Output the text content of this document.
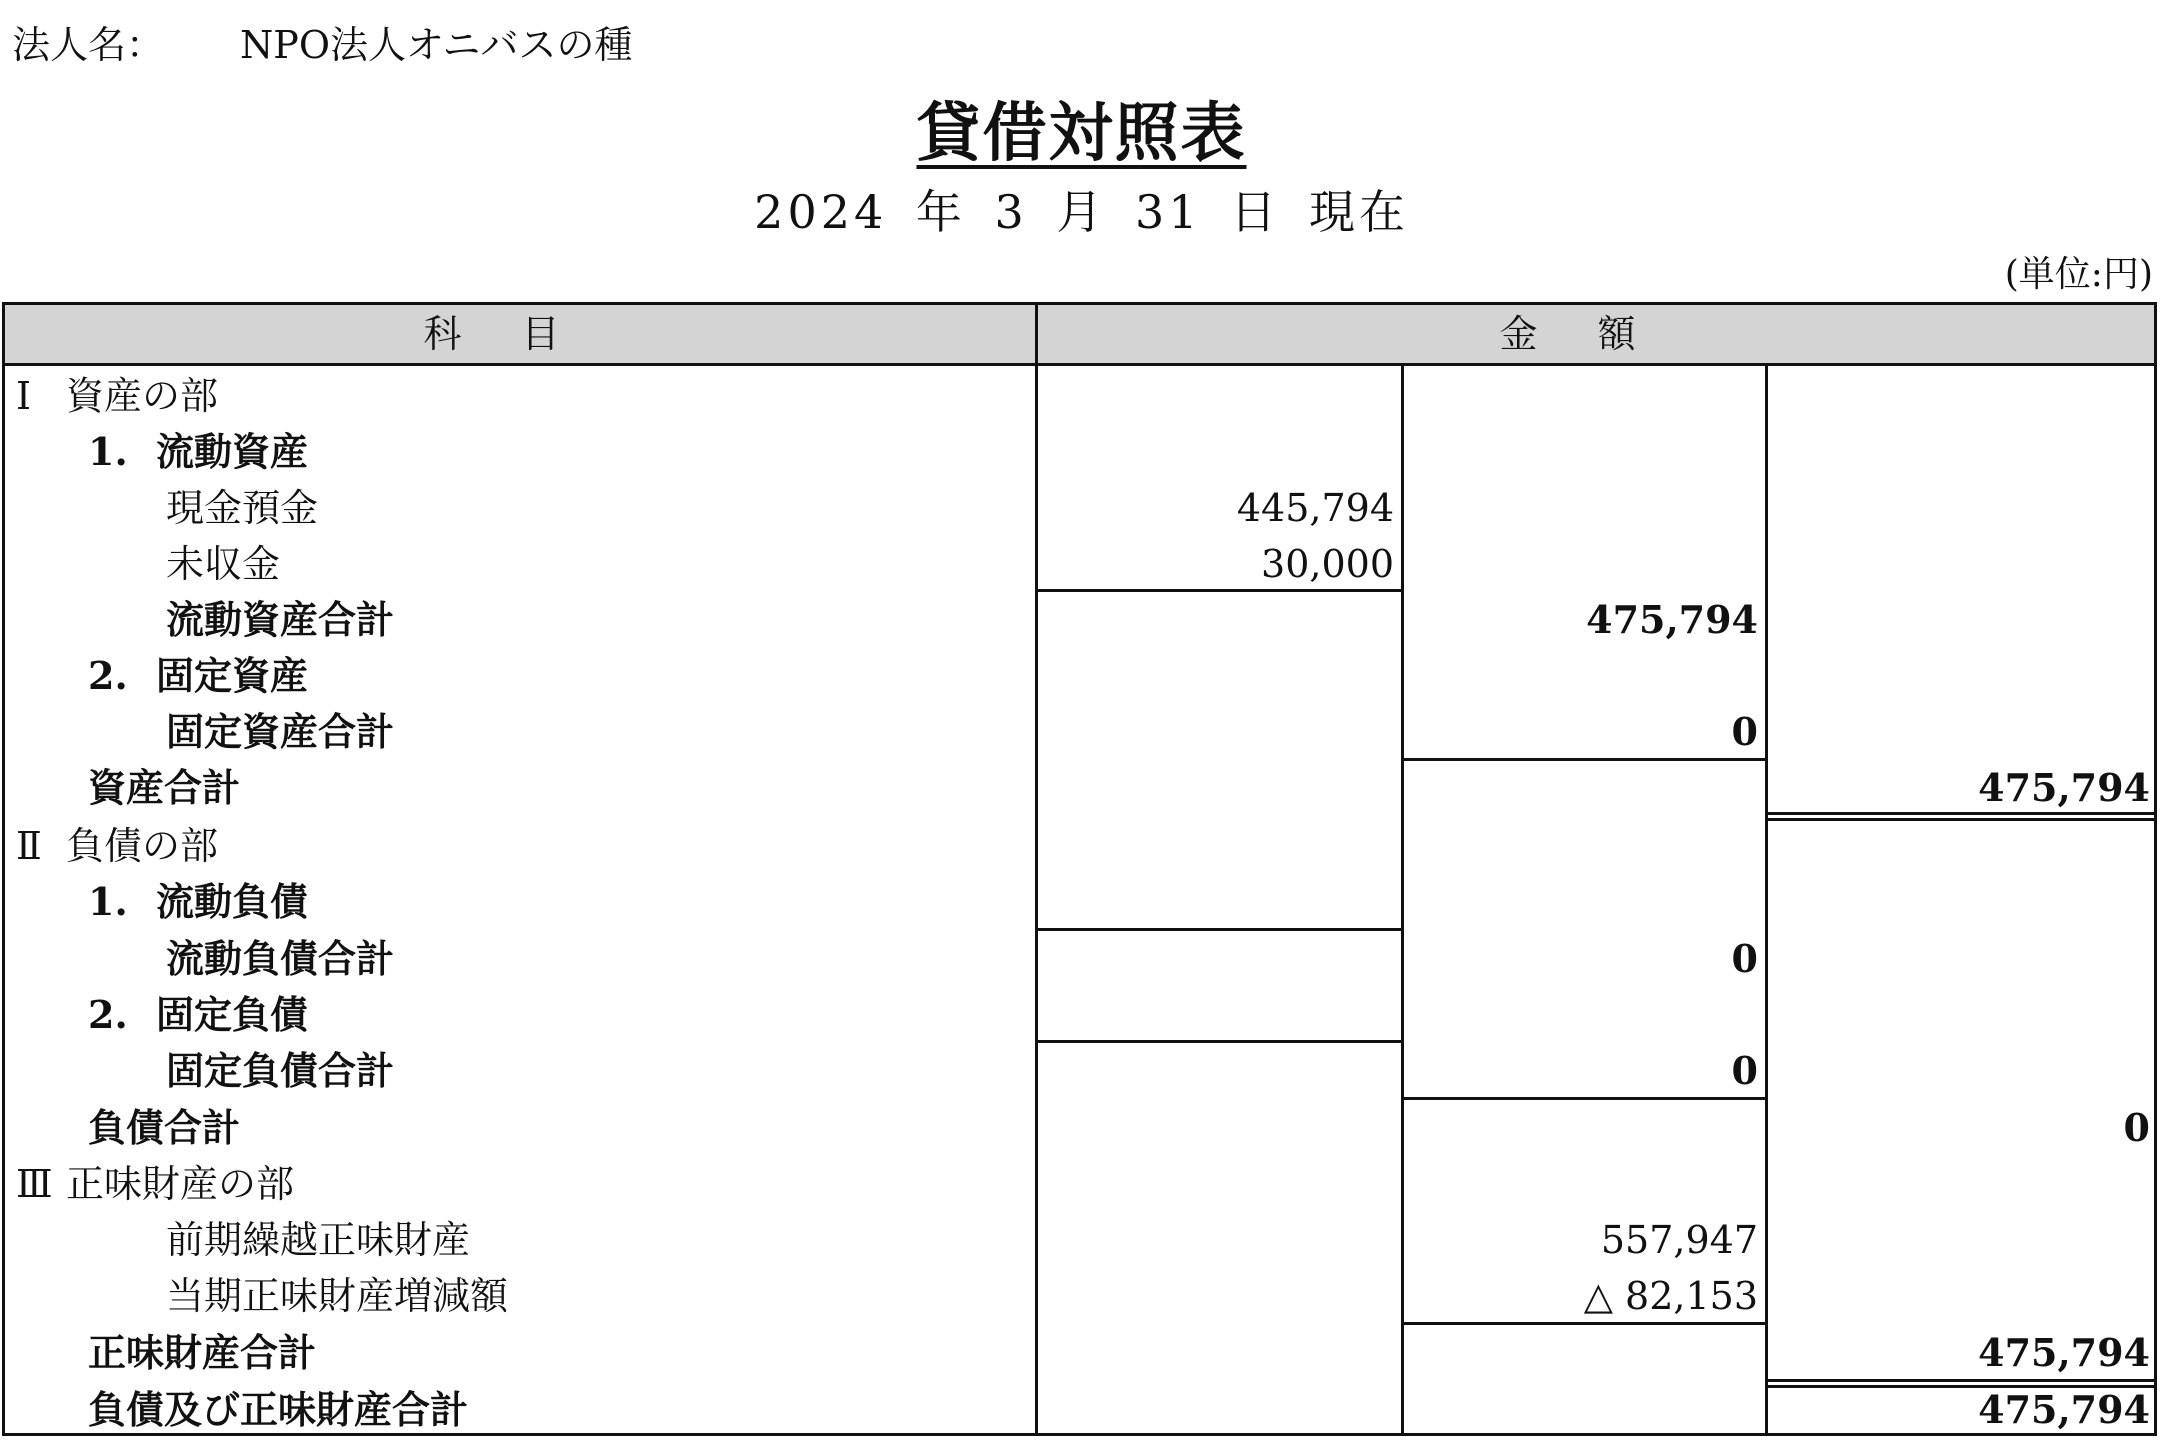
法人名： NPO法人オニバスの種
貸借対照表
2024 年 3 月 31 日 現在
(単位:円)
科目	金額
Ⅰ 資産の部
1. 流動資産
現金預金	445,794
未収金	30,000
流動資産合計	475,794
2. 固定資産
固定資産合計	0
資産合計	475,794
Ⅱ 負債の部
1. 流動負債
流動負債合計	0
2. 固定負債
固定負債合計	0
負債合計	0
Ⅲ 正味財産の部
前期繰越正味財産	557,947
当期正味財産増減額	△ 82,153
正味財産合計	475,794
負債及び正味財産合計	475,794
